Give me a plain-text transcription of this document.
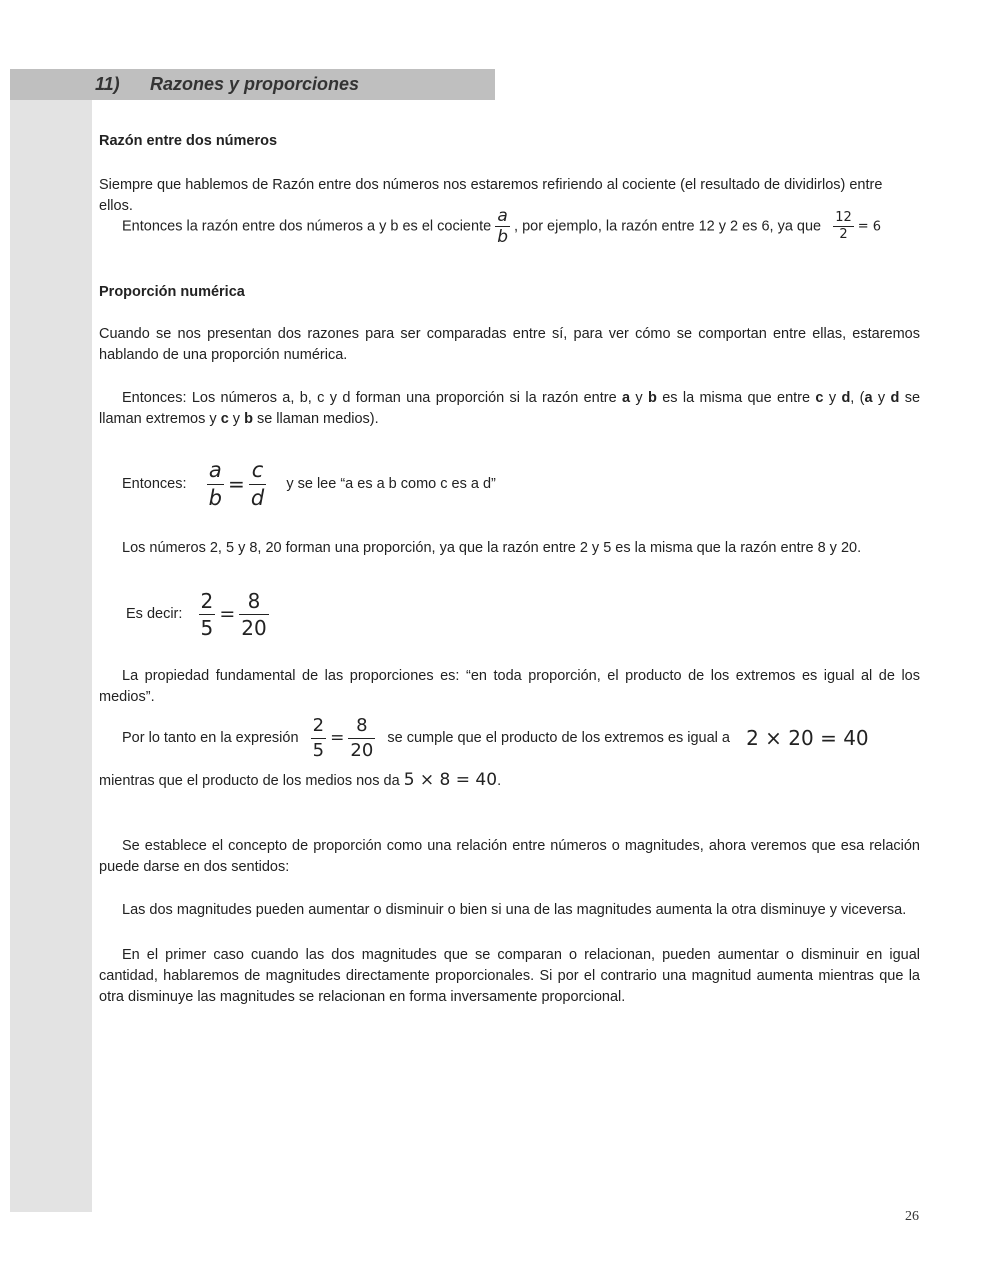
11) Razones y proporciones
Razón entre dos números
Siempre que hablemos de Razón entre dos números nos estaremos refiriendo al cociente (el resultado de dividirlos) entre ellos.
Entonces la razón entre dos números a y b es el cociente $\frac{a}{b}$ , por ejemplo, la razón entre 12 y 2 es 6, ya que $\frac{12}{2} = 6$
Proporción numérica
Cuando se nos presentan dos razones para ser comparadas entre sí, para ver cómo se comportan entre ellas, estaremos hablando de una proporción numérica.
Entonces: Los números a, b, c y d forman una proporción si la razón entre a y b es la misma que entre c y d, (a y d se llaman extremos y c y b se llaman medios).
Entonces: $\frac{a}{b} = \frac{c}{d}$ y se lee “a es a b como c es a d”
Los números 2, 5 y 8, 20 forman una proporción, ya que la razón entre 2 y 5 es la misma que la razón entre 8 y 20.
Es decir: $\frac{2}{5} = \frac{8}{20}$
La propiedad fundamental de las proporciones es: “en toda proporción, el producto de los extremos es igual al de los medios”.
Por lo tanto en la expresión $\frac{2}{5} = \frac{8}{20}$ se cumple que el producto de los extremos es igual a 2 × 20 = 40
mientras que el producto de los medios nos da 5 × 8 = 40.
Se establece el concepto de proporción como una relación entre números o magnitudes, ahora veremos que esa relación puede darse en dos sentidos:
Las dos magnitudes pueden aumentar o disminuir o bien si una de las magnitudes aumenta la otra disminuye y viceversa.
En el primer caso cuando las dos magnitudes que se comparan o relacionan, pueden aumentar o disminuir en igual cantidad, hablaremos de magnitudes directamente proporcionales. Si por el contrario una magnitud aumenta mientras que la otra disminuye las magnitudes se relacionan en forma inversamente proporcional.
26
